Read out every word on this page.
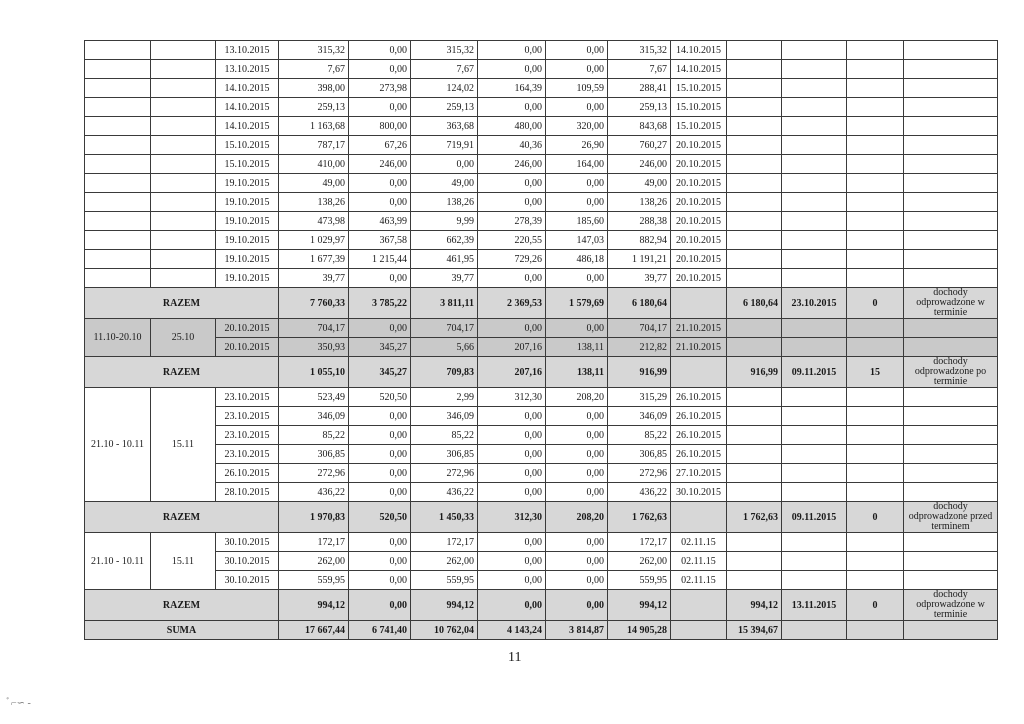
		13.10.2015	315,32	0,00	315,32	0,00	0,00	315,32	14.10.2015				
		13.10.2015	7,67	0,00	7,67	0,00	0,00	7,67	14.10.2015				
		14.10.2015	398,00	273,98	124,02	164,39	109,59	288,41	15.10.2015				
		14.10.2015	259,13	0,00	259,13	0,00	0,00	259,13	15.10.2015				
		14.10.2015	1 163,68	800,00	363,68	480,00	320,00	843,68	15.10.2015				
		15.10.2015	787,17	67,26	719,91	40,36	26,90	760,27	20.10.2015				
		15.10.2015	410,00	246,00	0,00	246,00	164,00	246,00	20.10.2015				
		19.10.2015	49,00	0,00	49,00	0,00	0,00	49,00	20.10.2015				
		19.10.2015	138,26	0,00	138,26	0,00	0,00	138,26	20.10.2015				
		19.10.2015	473,98	463,99	9,99	278,39	185,60	288,38	20.10.2015				
		19.10.2015	1 029,97	367,58	662,39	220,55	147,03	882,94	20.10.2015				
		19.10.2015	1 677,39	1 215,44	461,95	729,26	486,18	1 191,21	20.10.2015				
		19.10.2015	39,77	0,00	39,77	0,00	0,00	39,77	20.10.2015				
RAZEM			7 760,33	3 785,22	3 811,11	2 369,53	1 579,69	6 180,64		6 180,64	23.10.2015	0	dochody odprowadzone w terminie
11.10-20.10	25.10	20.10.2015	704,17	0,00	704,17	0,00	0,00	704,17	21.10.2015				
		20.10.2015	350,93	345,27	5,66	207,16	138,11	212,82	21.10.2015				
RAZEM			1 055,10	345,27	709,83	207,16	138,11	916,99		916,99	09.11.2015	15	dochody odprowadzone po terminie
21.10 - 10.11	15.11	23.10.2015	523,49	520,50	2,99	312,30	208,20	315,29	26.10.2015				
		23.10.2015	346,09	0,00	346,09	0,00	0,00	346,09	26.10.2015				
		23.10.2015	85,22	0,00	85,22	0,00	0,00	85,22	26.10.2015				
		23.10.2015	306,85	0,00	306,85	0,00	0,00	306,85	26.10.2015				
		26.10.2015	272,96	0,00	272,96	0,00	0,00	272,96	27.10.2015				
		28.10.2015	436,22	0,00	436,22	0,00	0,00	436,22	30.10.2015				
RAZEM			1 970,83	520,50	1 450,33	312,30	208,20	1 762,63		1 762,63	09.11.2015	0	dochody odprowadzone przed terminem
21.10 - 10.11	15.11	30.10.2015	172,17	0,00	172,17	0,00	0,00	172,17	02.11.15				
		30.10.2015	262,00	0,00	262,00	0,00	0,00	262,00	02.11.15				
		30.10.2015	559,95	0,00	559,95	0,00	0,00	559,95	02.11.15				
RAZEM			994,12	0,00	994,12	0,00	0,00	994,12		994,12	13.11.2015	0	dochody odprowadzone w terminie
SUMA			17 667,44	6 741,40	10 762,04	4 143,24	3 814,87	14 905,28		15 394,67			
11
ﾞ⌐∽ -
